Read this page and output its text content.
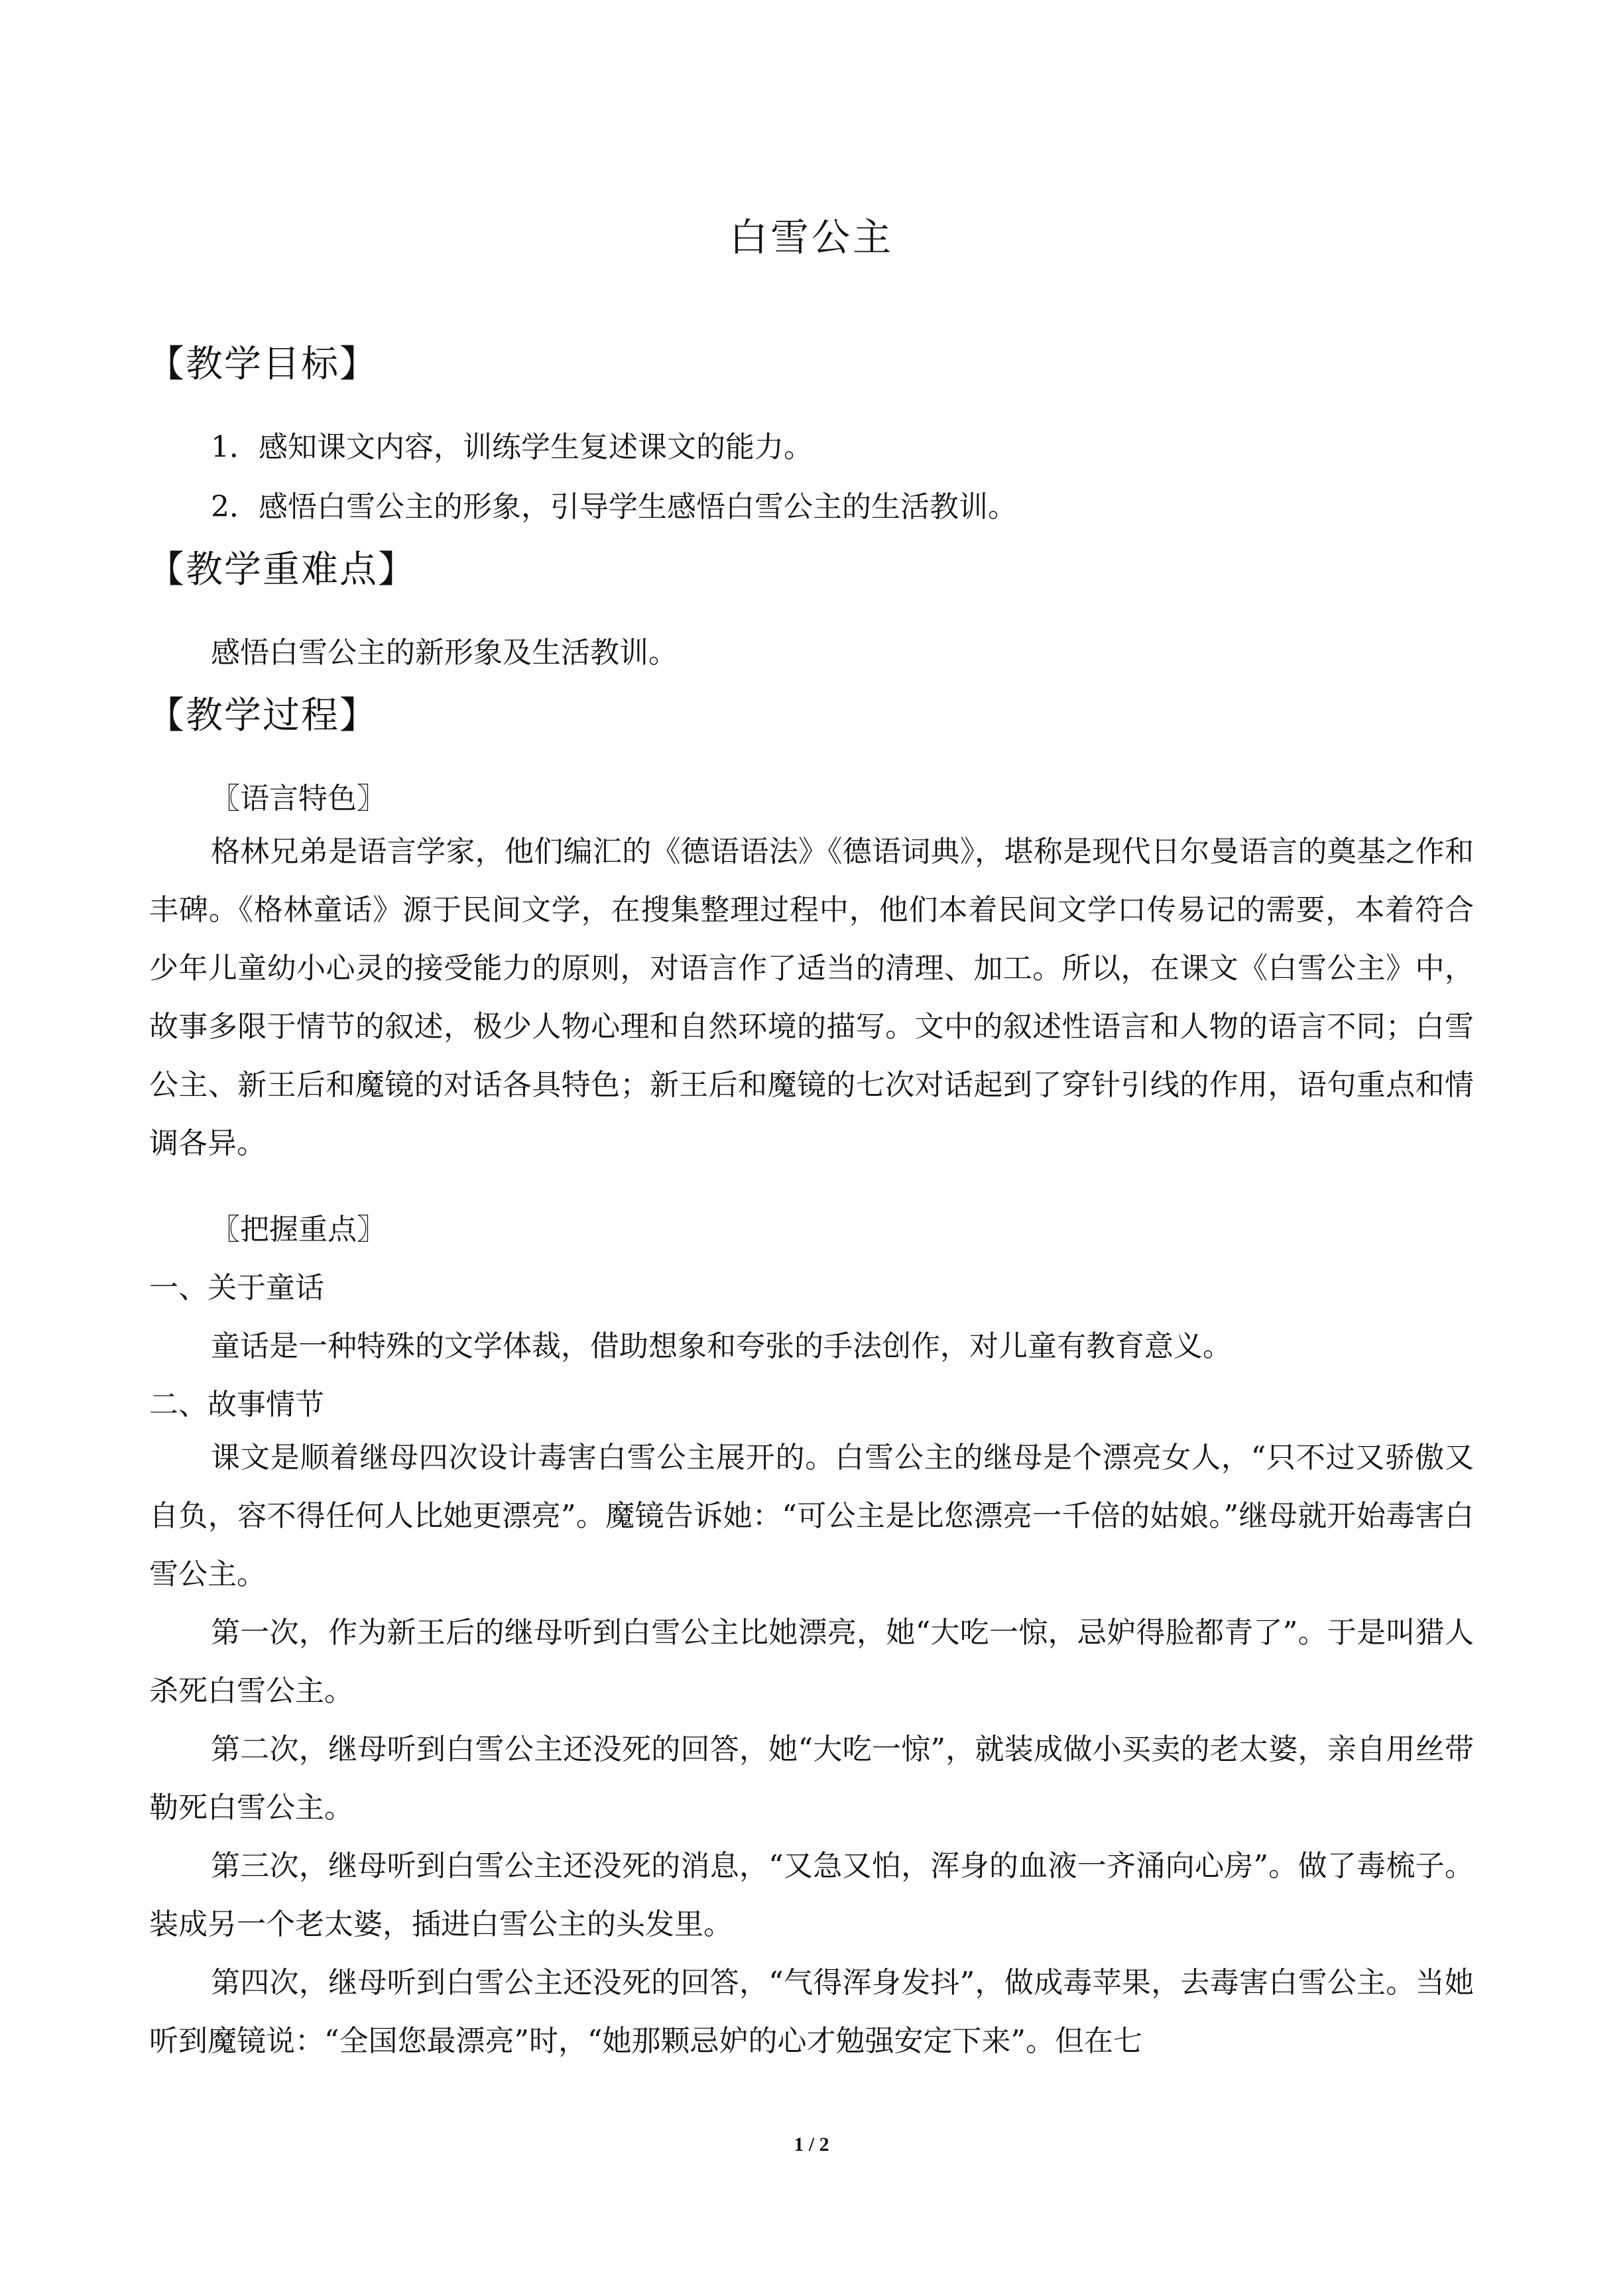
白雪公主
【教学目标】
1．感知课文内容，训练学生复述课文的能力。
2．感悟白雪公主的形象，引导学生感悟白雪公主的生活教训。
【教学重难点】
感悟白雪公主的新形象及生活教训。
【教学过程】
〖语言特色〗

格林兄弟是语言学家，他们编汇的《德语语法》《德语词典》，堪称是现代日尔曼语言的奠基之作和丰碑。《格林童话》源于民间文学，在搜集整理过程中，他们本着民间文学口传易记的需要，本着符合少年儿童幼小心灵的接受能力的原则，对语言作了适当的清理、加工。所以，在课文《白雪公主》中，故事多限于情节的叙述，极少人物心理和自然环境的描写。文中的叙述性语言和人物的语言不同；白雪公主、新王后和魔镜的对话各具特色；新王后和魔镜的七次对话起到了穿针引线的作用，语句重点和情调各异。

〖把握重点〗
一、关于童话
童话是一种特殊的文学体裁，借助想象和夸张的手法创作，对儿童有教育意义。
二、故事情节

课文是顺着继母四次设计毒害白雪公主展开的。白雪公主的继母是个漂亮女人，“只不过又骄傲又自负，容不得任何人比她更漂亮”。魔镜告诉她：“可公主是比您漂亮一千倍的姑娘。”继母就开始毒害白雪公主。

第一次，作为新王后的继母听到白雪公主比她漂亮，她“大吃一惊，忌妒得脸都青了”。于是叫猎人杀死白雪公主。

第二次，继母听到白雪公主还没死的回答，她“大吃一惊”，就装成做小买卖的老太婆，亲自用丝带勒死白雪公主。

第三次，继母听到白雪公主还没死的消息，“又急又怕，浑身的血液一齐涌向心房”。做了毒梳子。装成另一个老太婆，插进白雪公主的头发里。

第四次，继母听到白雪公主还没死的回答，“气得浑身发抖”，做成毒苹果，去毒害白雪公主。当她听到魔镜说：“全国您最漂亮”时，“她那颗忌妒的心才勉强安定下来”。但在七

1 / 2
